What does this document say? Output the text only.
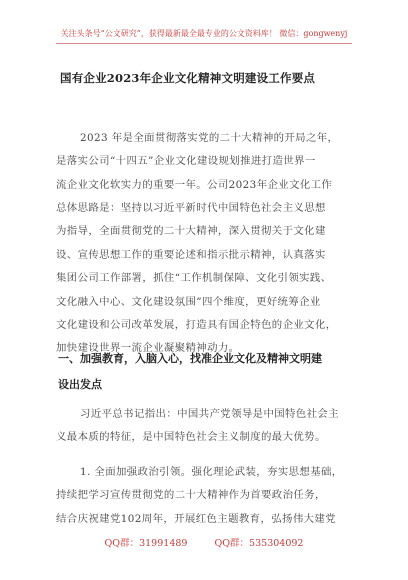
关注头条号“公文研究”，获得最新最全最专业的公文资料库！ 微信：gongwenyj
国有企业2023年企业文化精神文明建设工作要点
2023 年是全面贯彻落实党的二十大精神的开局之年，
是落实公司“十四五”企业文化建设规划推进打造世界一
流企业文化软实力的重要一年。公司2023年企业文化工作
总体思路是：坚持以习近平新时代中国特色社会主义思想
为指导，全面贯彻党的二十大精神，深入贯彻关于文化建
设、宣传思想工作的重要论述和指示批示精神，认真落实
集团公司工作部署，抓住“工作机制保障、文化引领实践、
文化融入中心、文化建设氛围”四个维度，更好统筹企业
文化建设和公司改革发展，打造具有国企特色的企业文化，
加快建设世界一流企业凝聚精神动力。
一、加强教育，入脑入心，找准企业文化及精神文明建
设出发点
习近平总书记指出：中国共产党领导是中国特色社会主
义最本质的特征，是中国特色社会主义制度的最大优势。
1. 全面加强政治引领。强化理论武装，夯实思想基础，
持续把学习宣传贯彻党的二十大精神作为首要政治任务，
结合庆祝建党102周年，开展红色主题教育，弘扬伟大建党
QQ群：31991489	QQ群：535304092
